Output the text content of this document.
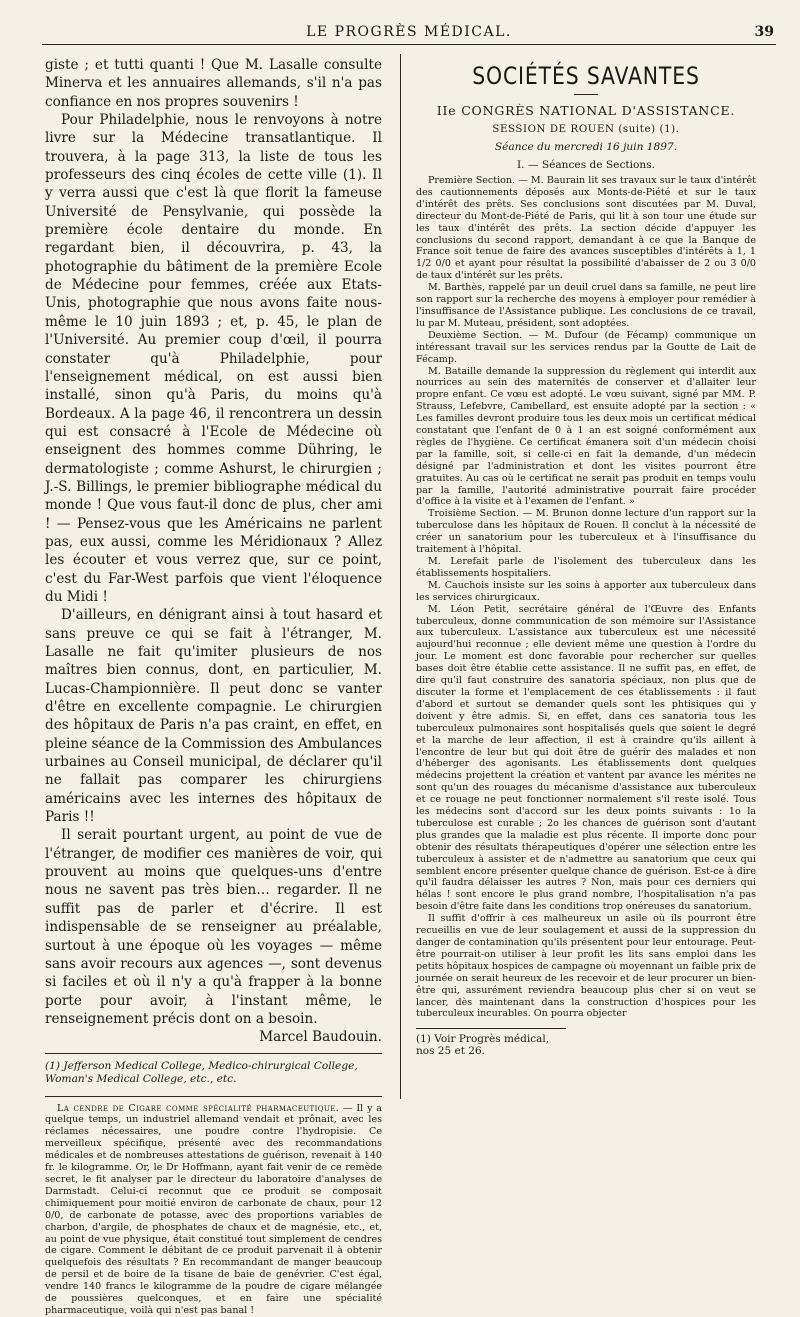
LE PROGRÈS MÉDICAL.	39

giste ; et tutti quanti ! Que M. Lasalle consulte Minerva et les annuaires allemands, s'il n'a pas confiance en nos propres souvenirs !

Pour Philadelphie, nous le renvoyons à notre livre sur la Médecine transatlantique. Il trouvera, à la page 313, la liste de tous les professeurs des cinq écoles de cette ville (1). Il y verra aussi que c'est là que florit la fameuse Université de Pensylvanie, qui possède la première école dentaire du monde. En regardant bien, il découvrira, p. 43, la photographie du bâtiment de la première Ecole de Médecine pour femmes, créée aux Etats-Unis, photographie que nous avons faite nous-même le 10 juin 1893 ; et, p. 45, le plan de l'Université. Au premier coup d'œil, il pourra constater qu'à Philadelphie, pour l'enseignement médical, on est aussi bien installé, sinon qu'à Paris, du moins qu'à Bordeaux. A la page 46, il rencontrera un dessin qui est consacré à l'Ecole de Médecine où enseignent des hommes comme Dühring, le dermatologiste ; comme Ashurst, le chirurgien ; J.-S. Billings, le premier bibliographe médical du monde ! Que vous faut-il donc de plus, cher ami ! — Pensez-vous que les Américains ne parlent pas, eux aussi, comme les Méridionaux ? Allez les écouter et vous verrez que, sur ce point, c'est du Far-West parfois que vient l'éloquence du Midi !

D'ailleurs, en dénigrant ainsi à tout hasard et sans preuve ce qui se fait à l'étranger, M. Lasalle ne fait qu'imiter plusieurs de nos maîtres bien connus, dont, en particulier, M. Lucas-Championnière. Il peut donc se vanter d'être en excellente compagnie. Le chirurgien des hôpitaux de Paris n'a pas craint, en effet, en pleine séance de la Commission des Ambulances urbaines au Conseil municipal, de déclarer qu'il ne fallait pas comparer les chirurgiens américains avec les internes des hôpitaux de Paris !!

Il serait pourtant urgent, au point de vue de l'étranger, de modifier ces manières de voir, qui prouvent au moins que quelques-uns d'entre nous ne savent pas très bien… regarder. Il ne suffit pas de parler et d'écrire. Il est indispensable de se renseigner au préalable, surtout à une époque où les voyages — même sans avoir recours aux agences —, sont devenus si faciles et où il n'y a qu'à frapper à la bonne porte pour avoir, à l'instant même, le renseignement précis dont on a besoin.

Marcel Baudouin.

(1) Jefferson Medical College, Medico-chirurgical College, Woman's Medical College, etc., etc.

La cendre de Cigare comme spécialité pharmaceutique. — Il y a quelque temps, un industriel allemand vendait et prônait, avec les réclames nécessaires, une poudre contre l'hydropisie. Ce merveilleux spécifique, présenté avec des recommandations médicales et de nombreuses attestations de guérison, revenait à 140 fr. le kilogramme. Or, le Dr Hoffmann, ayant fait venir de ce remède secret, le fit analyser par le directeur du laboratoire d'analyses de Darmstadt. Celui-ci reconnut que ce produit se composait chimiquement pour moitié environ de carbonate de chaux, pour 12 0/0, de carbonate de potasse, avec des proportions variables de charbon, d'argile, de phosphates de chaux et de magnésie, etc., et, au point de vue physique, était constitué tout simplement de cendres de cigare. Comment le débitant de ce produit parvenait il à obtenir quelquefois des résultats ? En recommandant de manger beaucoup de persil et de boire de la tisane de baie de genévrier. C'est égal, vendre 140 francs le kilogramme de la poudre de cigare mélangée de poussières quelconques, et en faire une spécialité pharmaceutique, voilà qui n'est pas banal !

SOCIÉTÉS SAVANTES
IIe CONGRÈS NATIONAL D'ASSISTANCE.
SESSION DE ROUEN (suite) (1).
Séance du mercredi 16 juin 1897.
I. — Séances de Sections.

Première Section. — M. Baurain lit ses travaux sur le taux d'intérêt des cautionnements déposés aux Monts-de-Piété et sur le taux d'intérêt des prêts. Ses conclusions sont discutées par M. Duval, directeur du Mont-de-Piété de Paris, qui lit à son tour une étude sur les taux d'intérêt des prêts. La section décide d'appuyer les conclusions du second rapport, demandant à ce que la Banque de France soit tenue de faire des avances susceptibles d'intérêts à 1, 1 1/2 0/0 et ayant pour résultat la possibilité d'abaisser de 2 ou 3 0/0 de taux d'intérêt sur les prêts.

M. Barthès, rappelé par un deuil cruel dans sa famille, ne peut lire son rapport sur la recherche des moyens à employer pour remédier à l'insuffisance de l'Assistance publique. Les conclusions de ce travail, lu par M. Muteau, président, sont adoptées.

Deuxième Section. — M. Dufour (de Fécamp) communique un intéressant travail sur les services rendus par la Goutte de Lait de Fécamp.

M. Bataille demande la suppression du règlement qui interdit aux nourrices au sein des maternités de conserver et d'allaiter leur propre enfant. Ce vœu est adopté. Le vœu suivant, signé par MM. P. Strauss, Lefebvre, Cambellard, est ensuite adopté par la section : « Les familles devront produire tous les deux mois un certificat médical constatant que l'enfant de 0 à 1 an est soigné conformément aux règles de l'hygiène. Ce certificat émanera soit d'un médecin choisi par la famille, soit, si celle-ci en fait la demande, d'un médecin désigné par l'administration et dont les visites pourront être gratuites. Au cas où le certificat ne serait pas produit en temps voulu par la famille, l'autorité administrative pourrait faire procéder d'office à la visite et à l'examen de l'enfant. »

Troisième Section. — M. Brunon donne lecture d'un rapport sur la tuberculose dans les hôpitaux de Rouen. Il conclut à la nécessité de créer un sanatorium pour les tuberculeux et à l'insuffisance du traitement à l'hôpital.

M. Lerefait parle de l'isolement des tuberculeux dans les établissements hospitaliers.

M. Cauchois insiste sur les soins à apporter aux tuberculeux dans les services chirurgicaux.

M. Léon Petit, secrétaire général de l'Œuvre des Enfants tuberculeux, donne communication de son mémoire sur l'Assistance aux tuberculeux. L'assistance aux tuberculeux est une nécessité aujourd'hui reconnue ; elle devient même une question à l'ordre du jour. Le moment est donc favorable pour rechercher sur quelles bases doit être établie cette assistance. Il ne suffit pas, en effet, de dire qu'il faut construire des sanatoria spéciaux, non plus que de discuter la forme et l'emplacement de ces établissements : il faut d'abord et surtout se demander quels sont les phtisiques qui y doivent y être admis. Si, en effet, dans ces sanatoria tous les tuberculeux pulmonaires sont hospitalisés quels que soient le degré et la marche de leur affection, il est à craindre qu'ils aillent à l'encontre de leur but qui doit être de guérir des malades et non d'héberger des agonisants. Les établissements dont quelques médecins projettent la création et vantent par avance les mérites ne sont qu'un des rouages du mécanisme d'assistance aux tuberculeux et ce rouage ne peut fonctionner normalement s'il reste isolé. Tous les médecins sont d'accord sur les deux points suivants : 1o la tuberculose est curable ; 2o les chances de guérison sont d'autant plus grandes que la maladie est plus récente. Il importe donc pour obtenir des résultats thérapeutiques d'opérer une sélection entre les tuberculeux à assister et de n'admettre au sanatorium que ceux qui semblent encore présenter quelque chance de guérison. Est-ce à dire qu'il faudra délaisser les autres ? Non, mais pour ces derniers qui hélas ! sont encore le plus grand nombre, l'hospitalisation n'a pas besoin d'être faite dans les conditions trop onéreuses du sanatorium.

Il suffit d'offrir à ces malheureux un asile où ils pourront être recueillis en vue de leur soulagement et aussi de la suppression du danger de contamination qu'ils présentent pour leur entourage. Peut-être pourrait-on utiliser à leur profit les lits sans emploi dans les petits hôpitaux hospices de campagne où moyennant un faible prix de journée on serait heureux de les recevoir et de leur procurer un bien-être qui, assurément reviendra beaucoup plus cher si on veut se lancer, dès maintenant dans la construction d'hospices pour les tuberculeux incurables. On pourra objecter

(1) Voir Progrès médical, nos 25 et 26.
